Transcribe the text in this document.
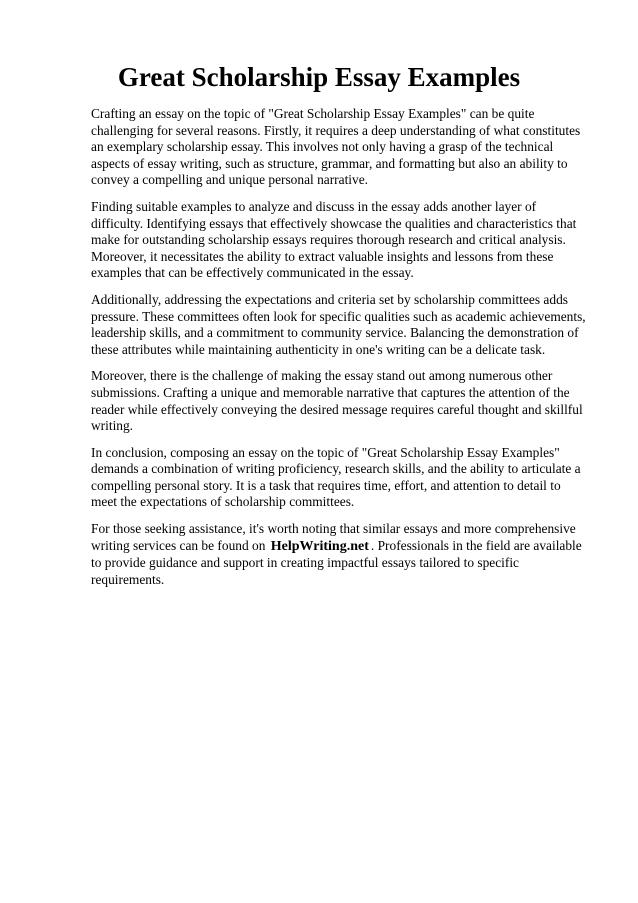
Great Scholarship Essay Examples

Crafting an essay on the topic of "Great Scholarship Essay Examples" can be quite challenging for several reasons. Firstly, it requires a deep understanding of what constitutes an exemplary scholarship essay. This involves not only having a grasp of the technical aspects of essay writing, such as structure, grammar, and formatting but also an ability to convey a compelling and unique personal narrative.

Finding suitable examples to analyze and discuss in the essay adds another layer of difficulty. Identifying essays that effectively showcase the qualities and characteristics that make for outstanding scholarship essays requires thorough research and critical analysis. Moreover, it necessitates the ability to extract valuable insights and lessons from these examples that can be effectively communicated in the essay.

Additionally, addressing the expectations and criteria set by scholarship committees adds pressure. These committees often look for specific qualities such as academic achievements, leadership skills, and a commitment to community service. Balancing the demonstration of these attributes while maintaining authenticity in one's writing can be a delicate task.

Moreover, there is the challenge of making the essay stand out among numerous other submissions. Crafting a unique and memorable narrative that captures the attention of the reader while effectively conveying the desired message requires careful thought and skillful writing.

In conclusion, composing an essay on the topic of "Great Scholarship Essay Examples" demands a combination of writing proficiency, research skills, and the ability to articulate a compelling personal story. It is a task that requires time, effort, and attention to detail to meet the expectations of scholarship committees.

For those seeking assistance, it's worth noting that similar essays and more comprehensive writing services can be found on HelpWriting.net . Professionals in the field are available to provide guidance and support in creating impactful essays tailored to specific requirements.
